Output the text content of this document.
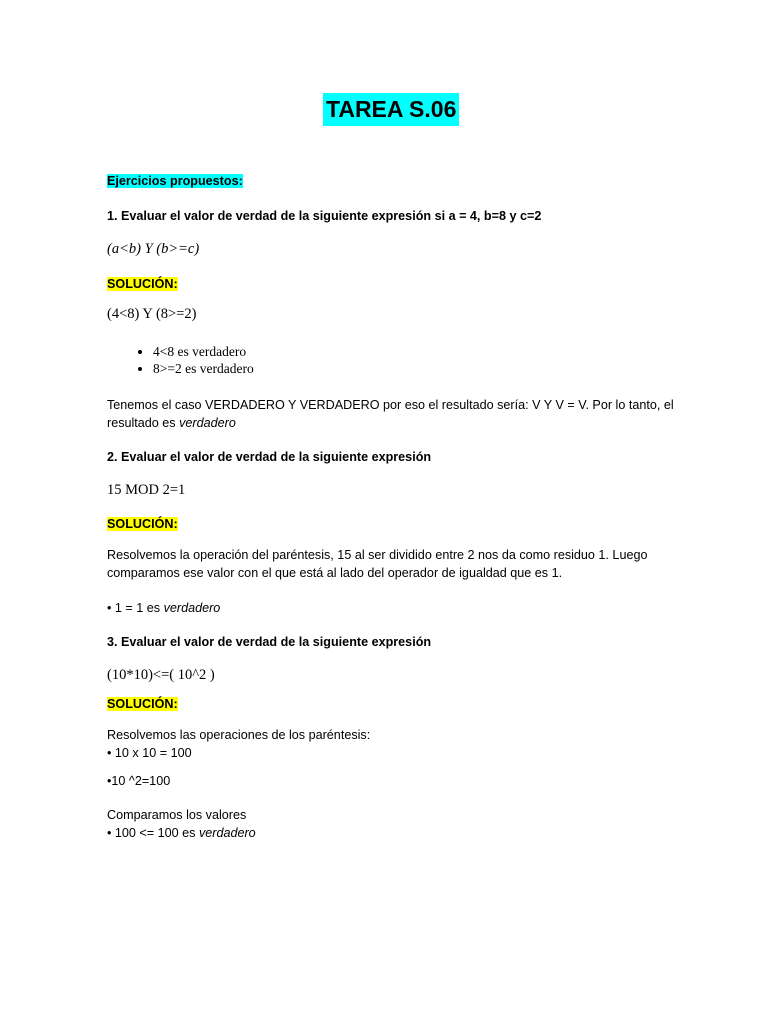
TAREA S.06
Ejercicios propuestos:
1. Evaluar el valor de verdad de la siguiente expresión si a = 4, b=8 y c=2
(a<b) Y (b>=c)
SOLUCIÓN:
(4<8) Y (8>=2)
• 4<8 es verdadero
• 8>=2 es verdadero
Tenemos el caso VERDADERO Y VERDADERO por eso el resultado sería: V Y V = V. Por lo tanto, el
resultado es verdadero
2. Evaluar el valor de verdad de la siguiente expresión
15 MOD 2=1
SOLUCIÓN:
Resolvemos la operación del paréntesis, 15 al ser dividido entre 2 nos da como residuo 1. Luego
comparamos ese valor con el que está al lado del operador de igualdad que es 1.
• 1 = 1 es verdadero
3. Evaluar el valor de verdad de la siguiente expresión
(10*10)<=( 10^2 )
SOLUCIÓN:
Resolvemos las operaciones de los paréntesis:
• 10 x 10 = 100
•10 ^2=100
Comparamos los valores
• 100 <= 100 es verdadero
